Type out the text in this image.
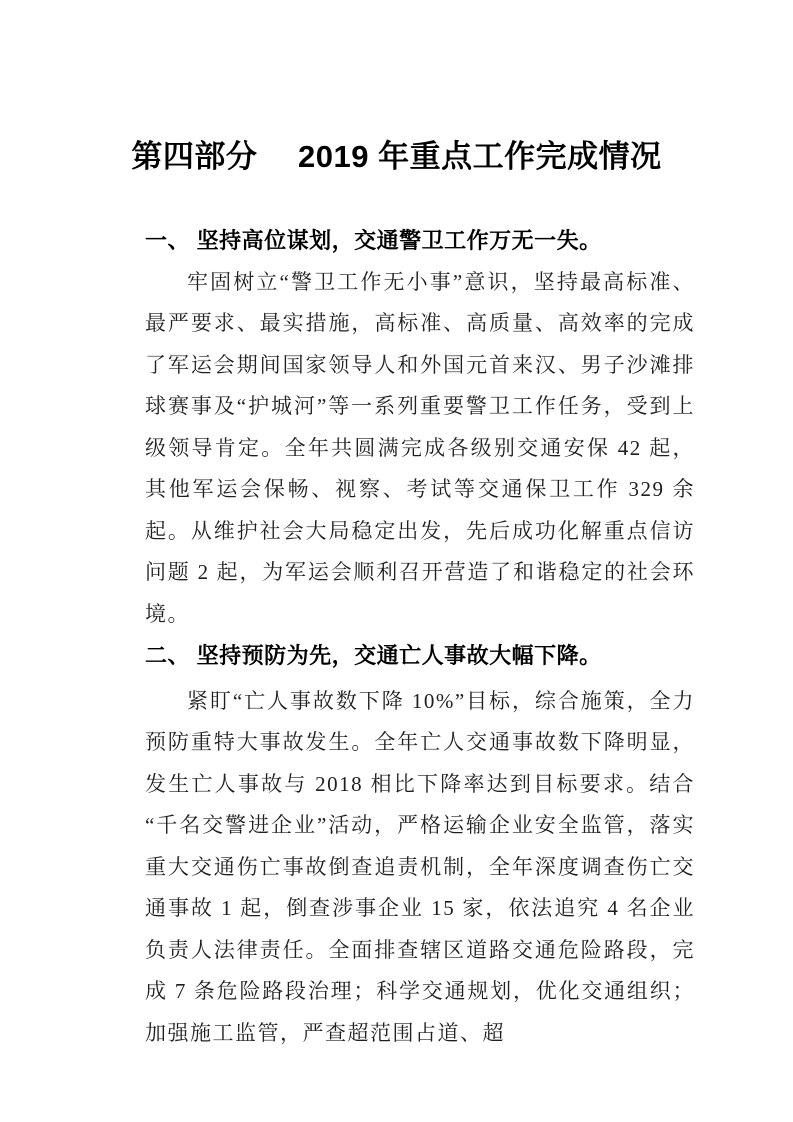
第四部分　 2019 年重点工作完成情况
一、 坚持高位谋划，交通警卫工作万无一失。

牢固树立“警卫工作无小事”意识，坚持最高标准、最严要求、最实措施，高标准、高质量、高效率的完成了军运会期间国家领导人和外国元首来汉、男子沙滩排球赛事及“护城河”等一系列重要警卫工作任务，受到上级领导肯定。全年共圆满完成各级别交通安保 42 起，其他军运会保畅、视察、考试等交通保卫工作 329 余起。从维护社会大局稳定出发，先后成功化解重点信访问题 2 起，为军运会顺利召开营造了和谐稳定的社会环境。

二、 坚持预防为先，交通亡人事故大幅下降。

紧盯“亡人事故数下降 10%”目标，综合施策，全力预防重特大事故发生。全年亡人交通事故数下降明显，发生亡人事故与 2018 相比下降率达到目标要求。结合“千名交警进企业”活动，严格运输企业安全监管，落实重大交通伤亡事故倒查追责机制，全年深度调查伤亡交通事故 1 起，倒查涉事企业 15 家，依法追究 4 名企业负责人法律责任。全面排查辖区道路交通危险路段，完成 7 条危险路段治理；科学交通规划，优化交通组织；加强施工监管，严查超范围占道、超
